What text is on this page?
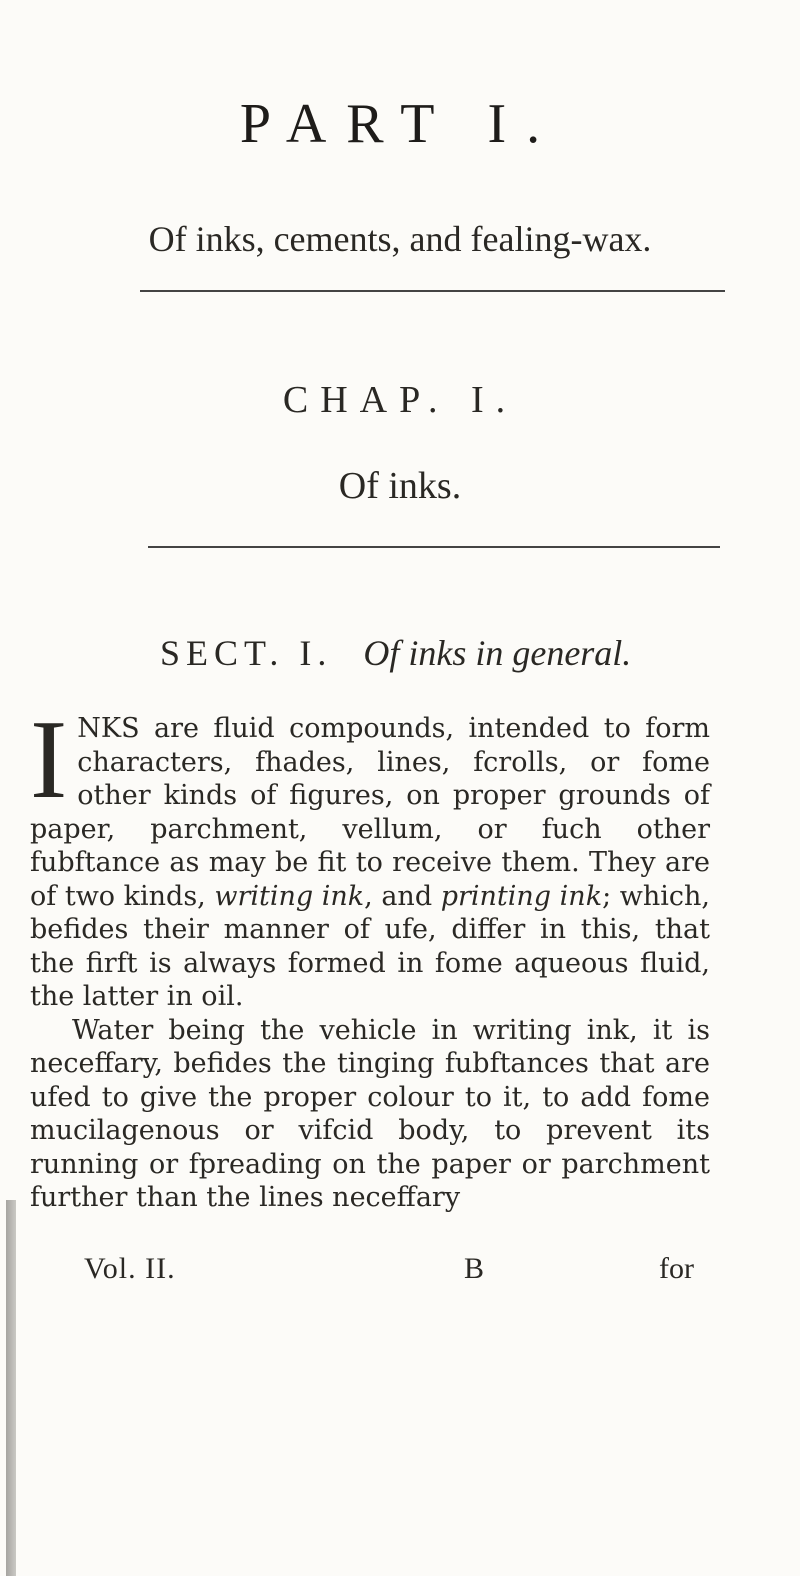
PART I.
Of inks, cements, and fealing-wax.
CHAP. I.
Of inks.
SECT. I. Of inks in general.

INKS are fluid compounds, intended to form characters, fhades, lines, fcrolls, or fome other kinds of figures, on proper grounds of paper, parchment, vellum, or fuch other fubftance as may be fit to receive them. They are of two kinds, writing ink, and printing ink; which, befides their manner of ufe, differ in this, that the firft is always formed in fome aqueous fluid, the latter in oil.

Water being the vehicle in writing ink, it is neceffary, befides the tinging fubftances that are ufed to give the proper colour to it, to add fome mucilagenous or vifcid body, to prevent its running or fpreading on the paper or parchment further than the lines neceffary

Vol. II.	B	for
